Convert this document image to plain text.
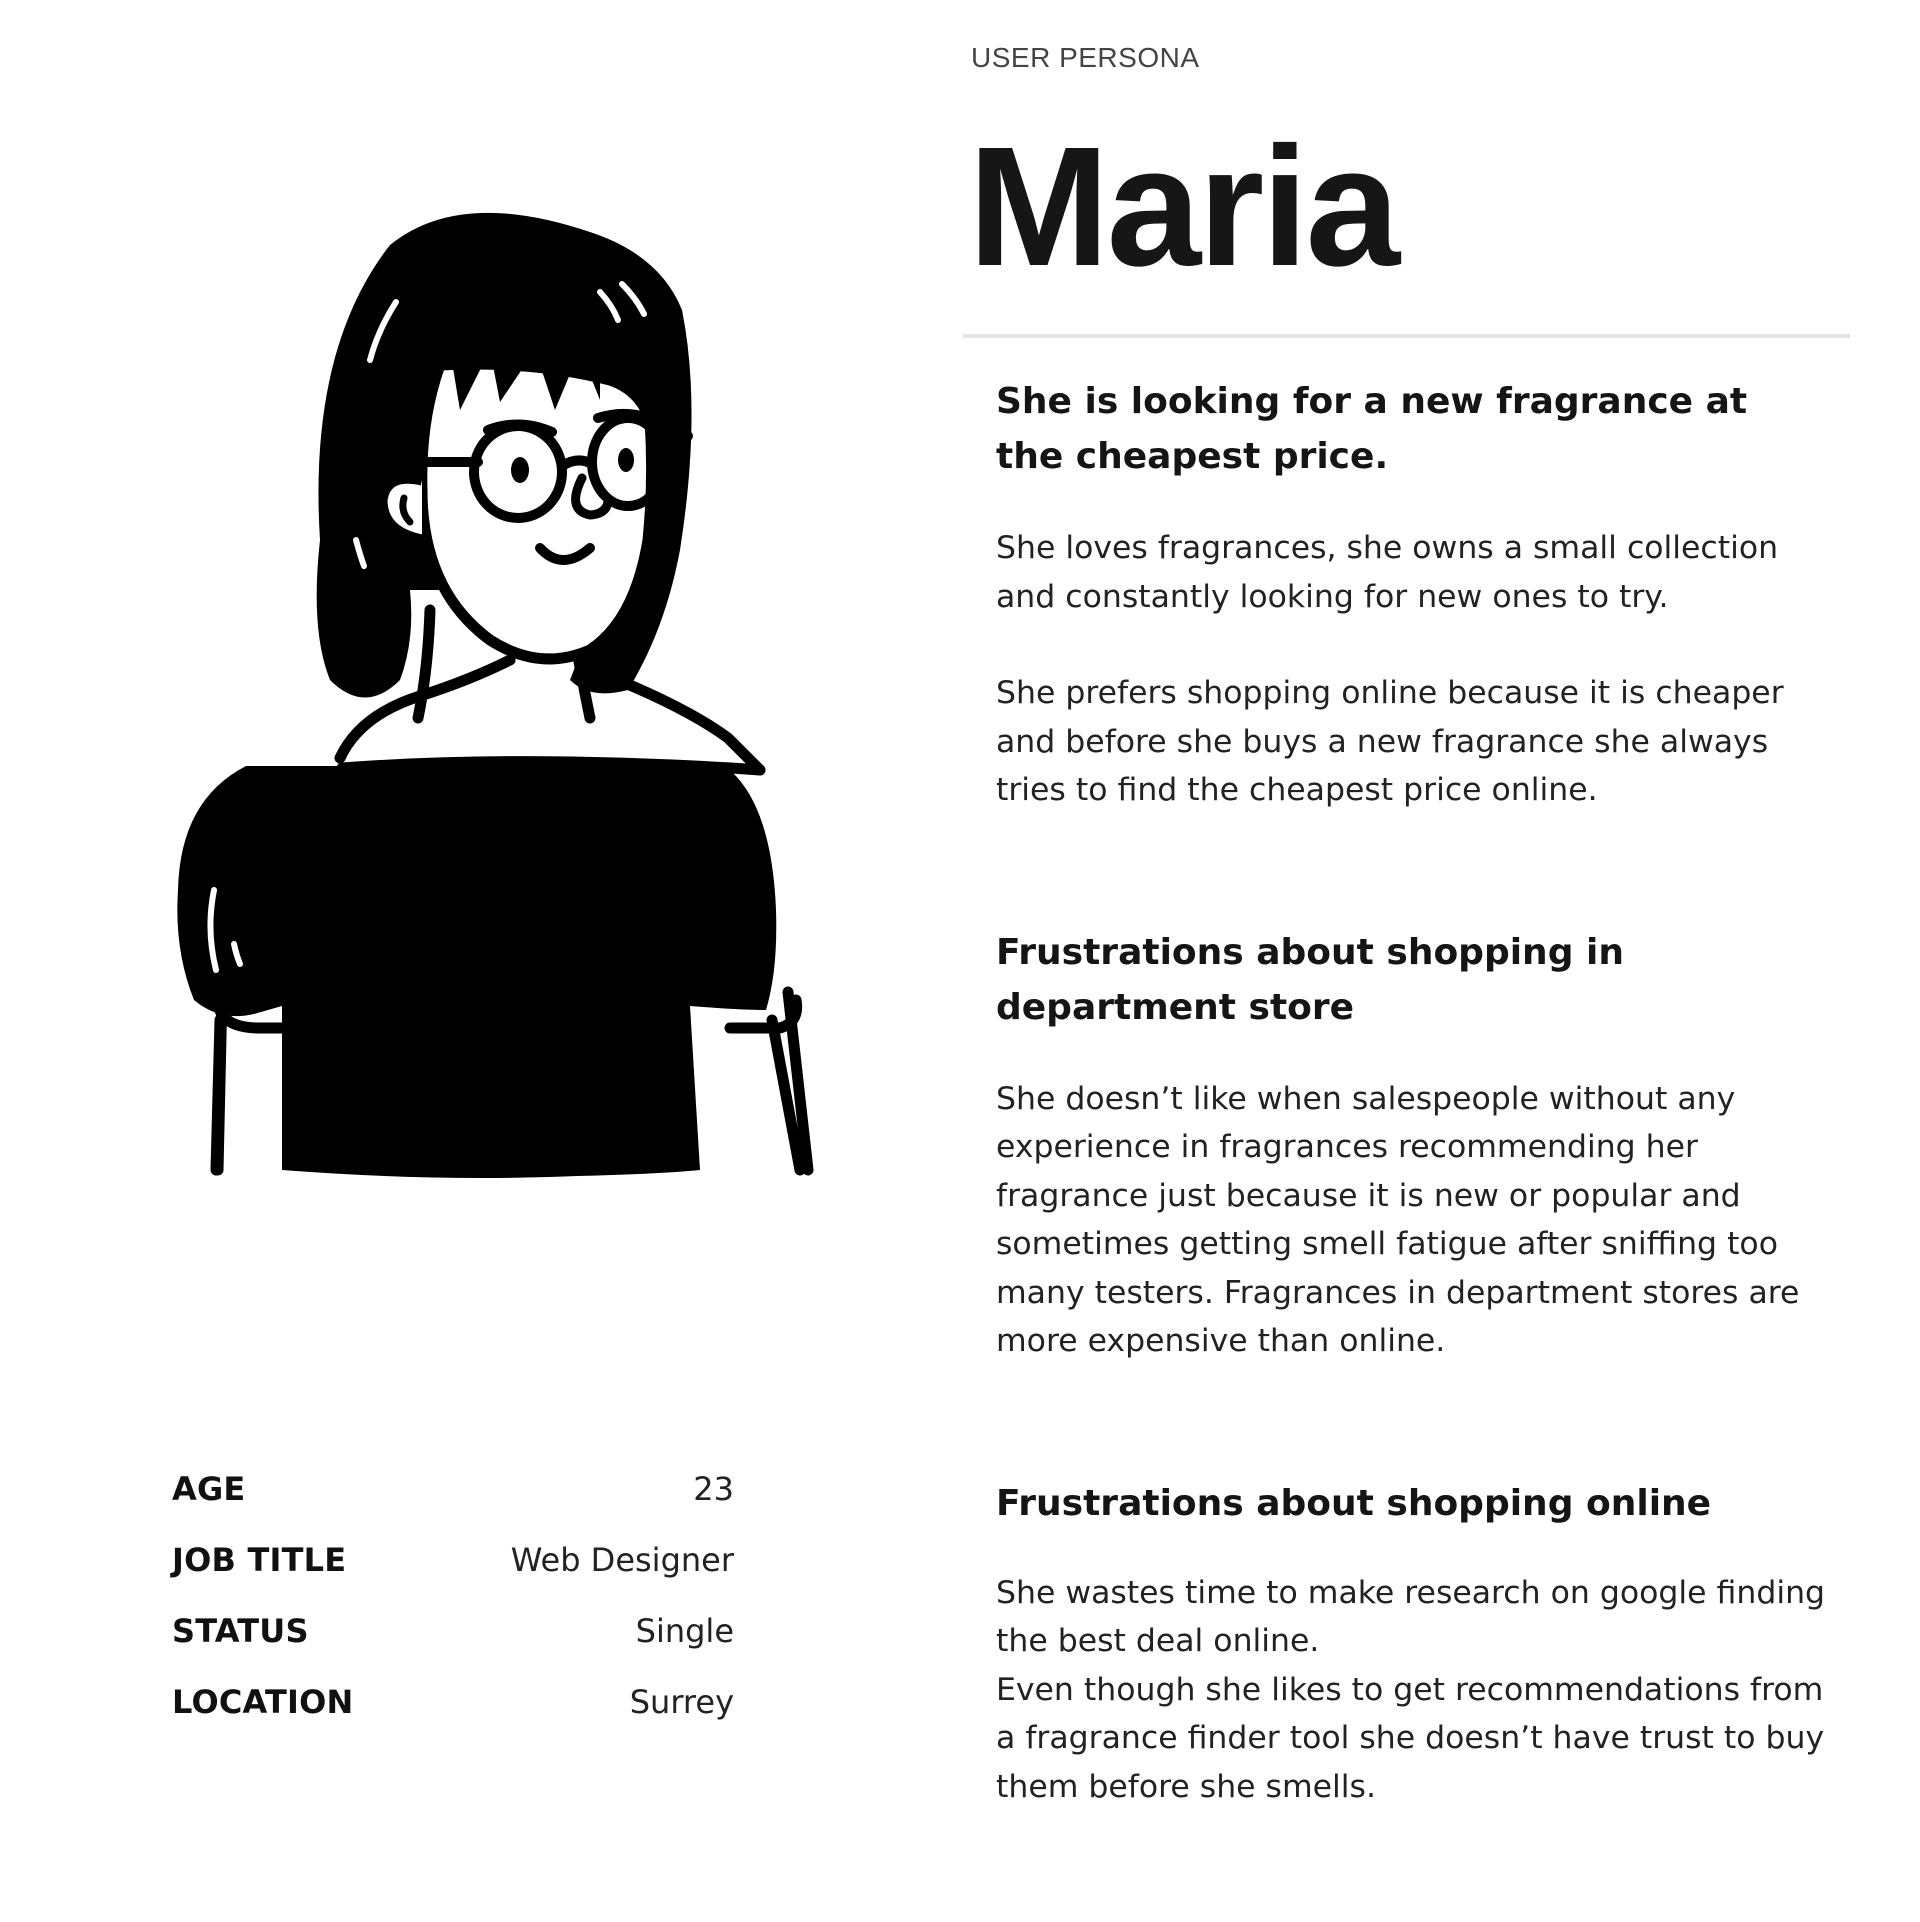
AGE	23
JOB TITLE	Web Designer
STATUS	Single
LOCATION	Surrey
USER PERSONA
Maria
She is looking for a new fragrance at the cheapest price.

She loves fragrances, she owns a small collection and constantly looking for new ones to try.

She prefers shopping online because it is cheaper and before she buys a new fragrance she always tries to find the cheapest price online.

Frustrations about shopping in department store

She doesn’t like when salespeople without any experience in fragrances recommending her fragrance just because it is new or popular and sometimes getting smell fatigue after sniffing too many testers. Fragrances in department stores are more expensive than online.

Frustrations about shopping online

She wastes time to make research on google finding the best deal online.

Even though she likes to get recommendations from a fragrance finder tool she doesn’t have trust to buy them before she smells.
